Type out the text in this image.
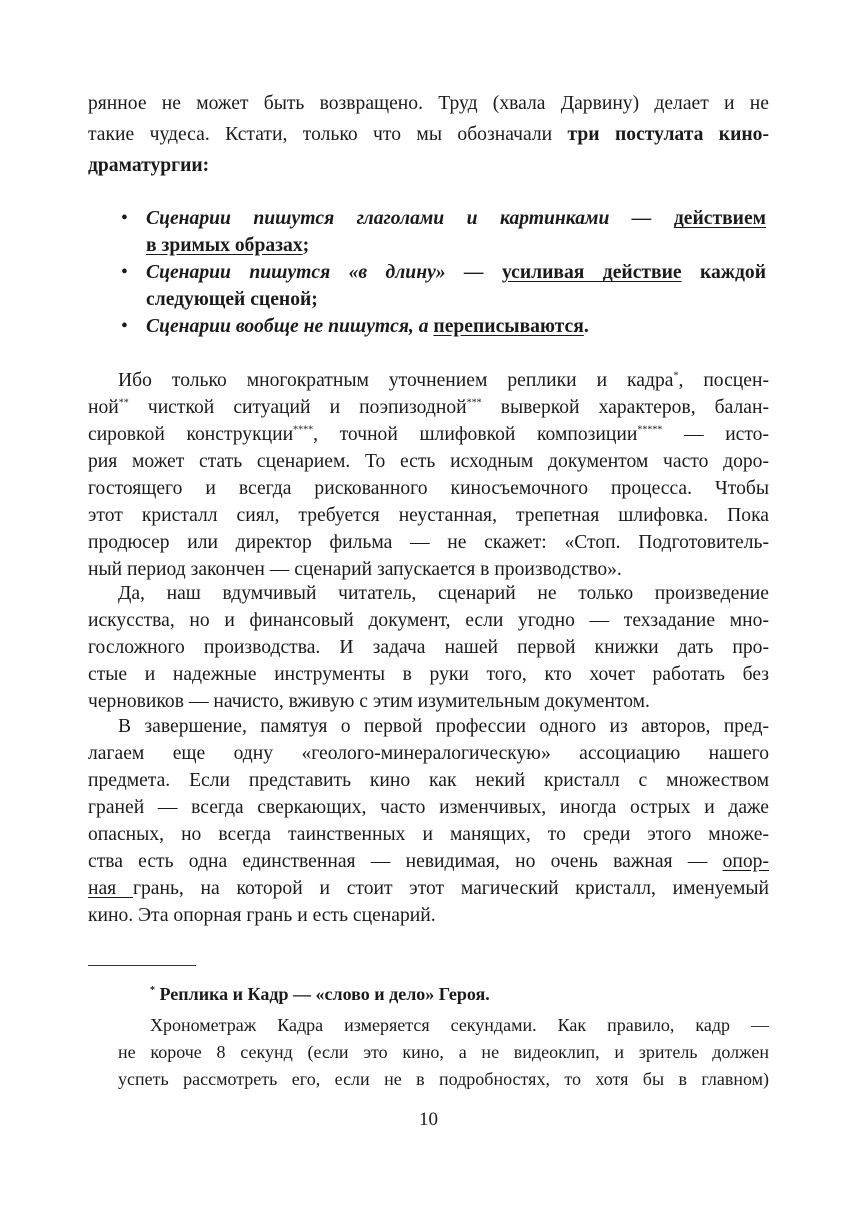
рянное не может быть возвращено. Труд (хвала Дарвину) делает и не
такие чудеса. Кстати, только что мы обозначали три постулата кино-
драматургии:
• Сценарии пишутся глаголами и картинками — действием
в зримых образах;
• Сценарии пишутся «в длину» — усиливая действие каждой
следующей сценой;
• Сценарии вообще не пишутся, а переписываются.
Ибо только многократным уточнением реплики и кадра*, посцен-
ной** чисткой ситуаций и поэпизодной*** выверкой характеров, балан-
сировкой конструкции****, точной шлифовкой композиции***** — исто-
рия может стать сценарием. То есть исходным документом часто доро-
гостоящего и всегда рискованного киносъемочного процесса. Чтобы
этот кристалл сиял, требуется неустанная, трепетная шлифовка. Пока
продюсер или директор фильма — не скажет: «Стоп. Подготовитель-
ный период закончен — сценарий запускается в производство».
Да, наш вдумчивый читатель, сценарий не только произведение
искусства, но и финансовый документ, если угодно — техзадание мно-
госложного производства. И задача нашей первой книжки дать про-
стые и надежные инструменты в руки того, кто хочет работать без
черновиков — начисто, вживую с этим изумительным документом.
В завершение, памятуя о первой профессии одного из авторов, пред-
лагаем еще одну «геолого-минералогическую» ассоциацию нашего
предмета. Если представить кино как некий кристалл с множеством
граней — всегда сверкающих, часто изменчивых, иногда острых и даже
опасных, но всегда таинственных и манящих, то среди этого множе-
ства есть одна единственная — невидимая, но очень важная — опор-
ная грань, на которой и стоит этот магический кристалл, именуемый
кино. Эта опорная грань и есть сценарий.
* Реплика и Кадр — «слово и дело» Героя.
Хронометраж Кадра измеряется секундами. Как правило, кадр —
не короче 8 секунд (если это кино, а не видеоклип, и зритель должен
успеть рассмотреть его, если не в подробностях, то хотя бы в главном)
10
